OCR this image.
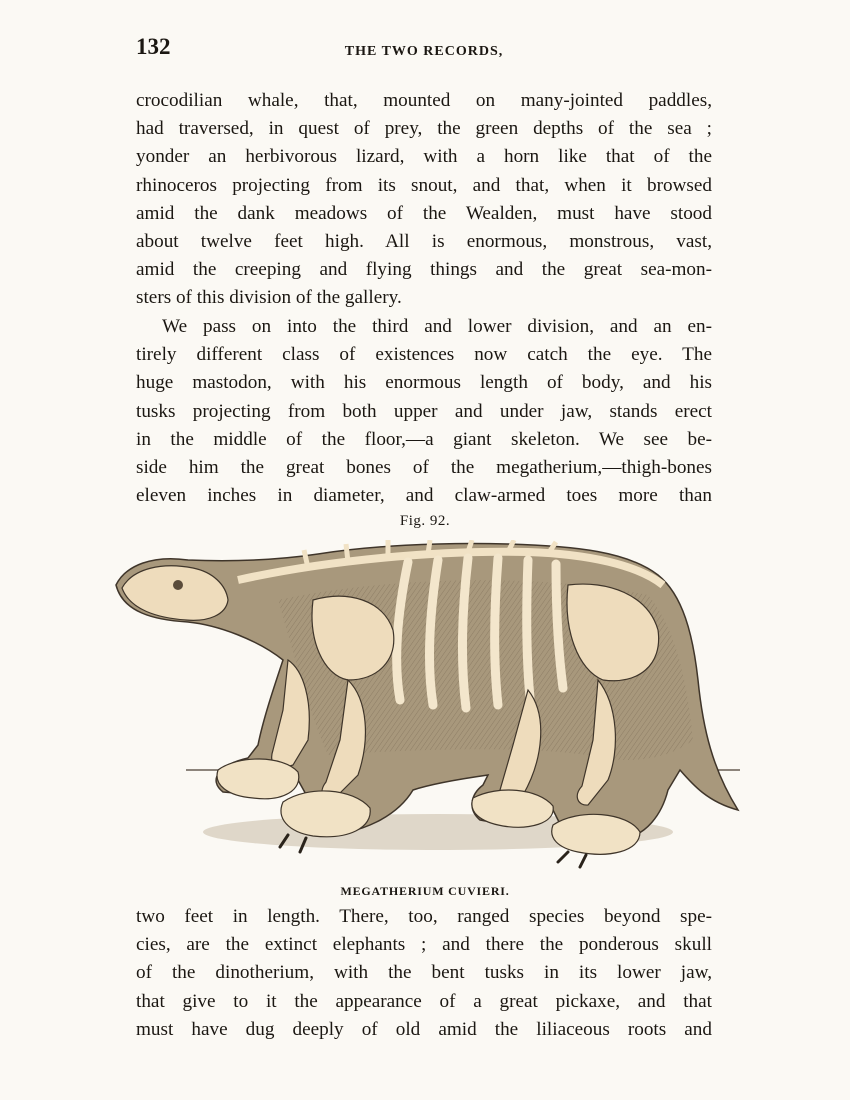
132	THE TWO RECORDS,

crocodilian whale, that, mounted on many-jointed paddles,
had traversed, in quest of prey, the green depths of the sea ;
yonder an herbivorous lizard, with a horn like that of the
rhinoceros projecting from its snout, and that, when it browsed
amid the dank meadows of the Wealden, must have stood
about twelve feet high. All is enormous, monstrous, vast,
amid the creeping and flying things and the great sea-mon-
sters of this division of the gallery.

We pass on into the third and lower division, and an en-
tirely different class of existences now catch the eye. The
huge mastodon, with his enormous length of body, and his
tusks projecting from both upper and under jaw, stands erect
in the middle of the floor,—a giant skeleton. We see be-
side him the great bones of the megatherium,—thigh-bones
eleven inches in diameter, and claw-armed toes more than

Fig. 92.
MEGATHERIUM CUVIERI.

two feet in length. There, too, ranged species beyond spe-
cies, are the extinct elephants ; and there the ponderous skull
of the dinotherium, with the bent tusks in its lower jaw,
that give to it the appearance of a great pickaxe, and that
must have dug deeply of old amid the liliaceous roots and
